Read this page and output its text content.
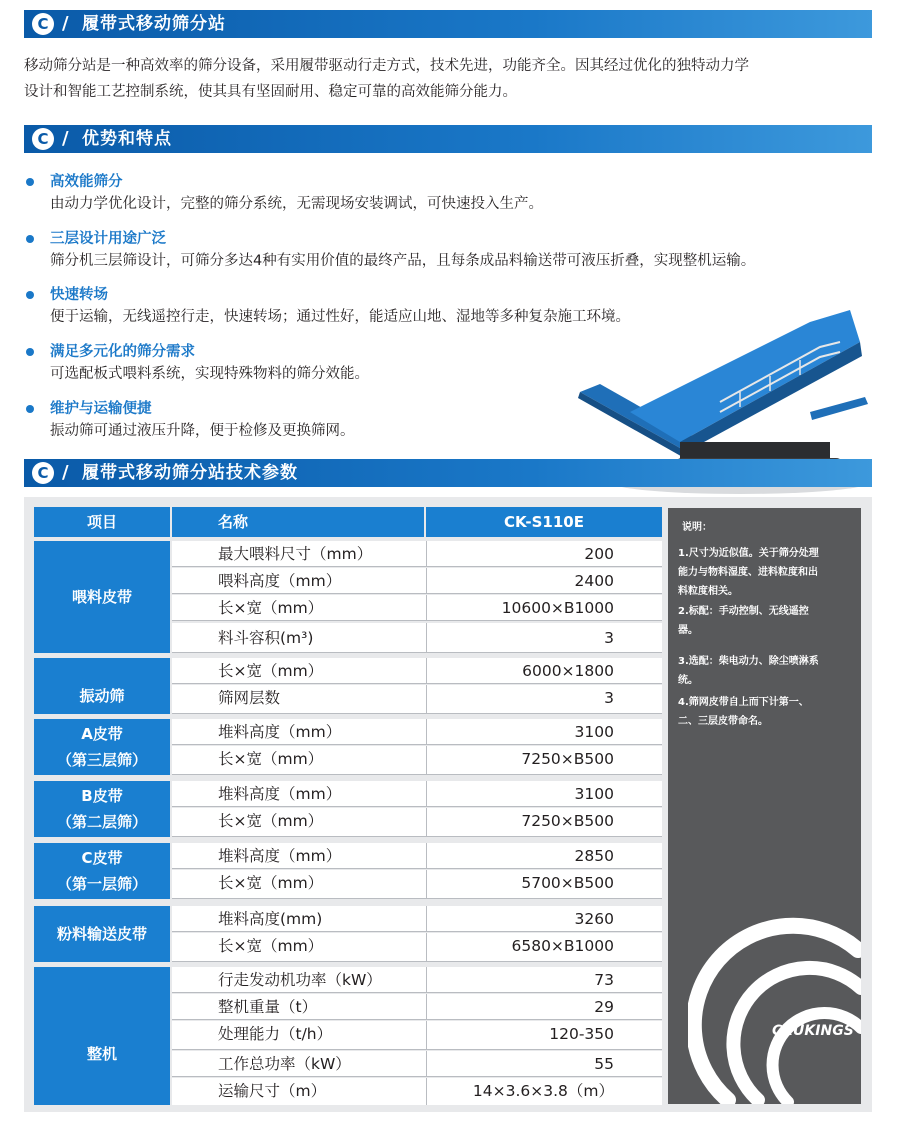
C / 履带式移动筛分站
移动筛分站是一种高效率的筛分设备，采用履带驱动行走方式，技术先进，功能齐全。因其经过优化的独特动力学
设计和智能工艺控制系统，使其具有坚固耐用、稳定可靠的高效能筛分能力。
C / 优势和特点
高效能筛分
由动力学优化设计，完整的筛分系统，无需现场安装调试，可快速投入生产。
三层设计用途广泛
筛分机三层筛设计，可筛分多达4种有实用价值的最终产品，且每条成品料输送带可液压折叠，实现整机运输。
快速转场
便于运输，无线遥控行走，快速转场；通过性好，能适应山地、湿地等多种复杂施工环境。
满足多元化的筛分需求
可选配板式喂料系统，实现特殊物料的筛分效能。
维护与运输便捷
振动筛可通过液压升降，便于检修及更换筛网。
C / 履带式移动筛分站技术参数
项目	名称	CK-S110E
喂料皮带
最大喂料尺寸（mm）	200
喂料高度（mm）	2400
长×宽（mm）	10600×B1000
料斗容积(m³)	3
振动筛
长×宽（mm）	6000×1800
筛网层数	3
A皮带
（第三层筛）
堆料高度（mm）	3100
长×宽（mm）	7250×B500
B皮带
（第二层筛）
堆料高度（mm）	3100
长×宽（mm）	7250×B500
C皮带
（第一层筛）
堆料高度（mm）	2850
长×宽（mm）	5700×B500
粉料输送皮带
堆料高度(mm)	3260
长×宽（mm）	6580×B1000
整机
行走发动机功率（kW）	73
整机重量（t）	29
处理能力（t/h）	120-350
工作总功率（kW）	55
运输尺寸（m）	14×3.6×3.8（m）
说明：
1.尺寸为近似值。关于筛分处理
能力与物料湿度、进料粒度和出
料粒度相关。
2.标配：手动控制、无线遥控
器。
3.选配：柴电动力、除尘喷淋系
统。
4.筛网皮带自上而下计第一、
二、三层皮带命名。
CRUKINGS
